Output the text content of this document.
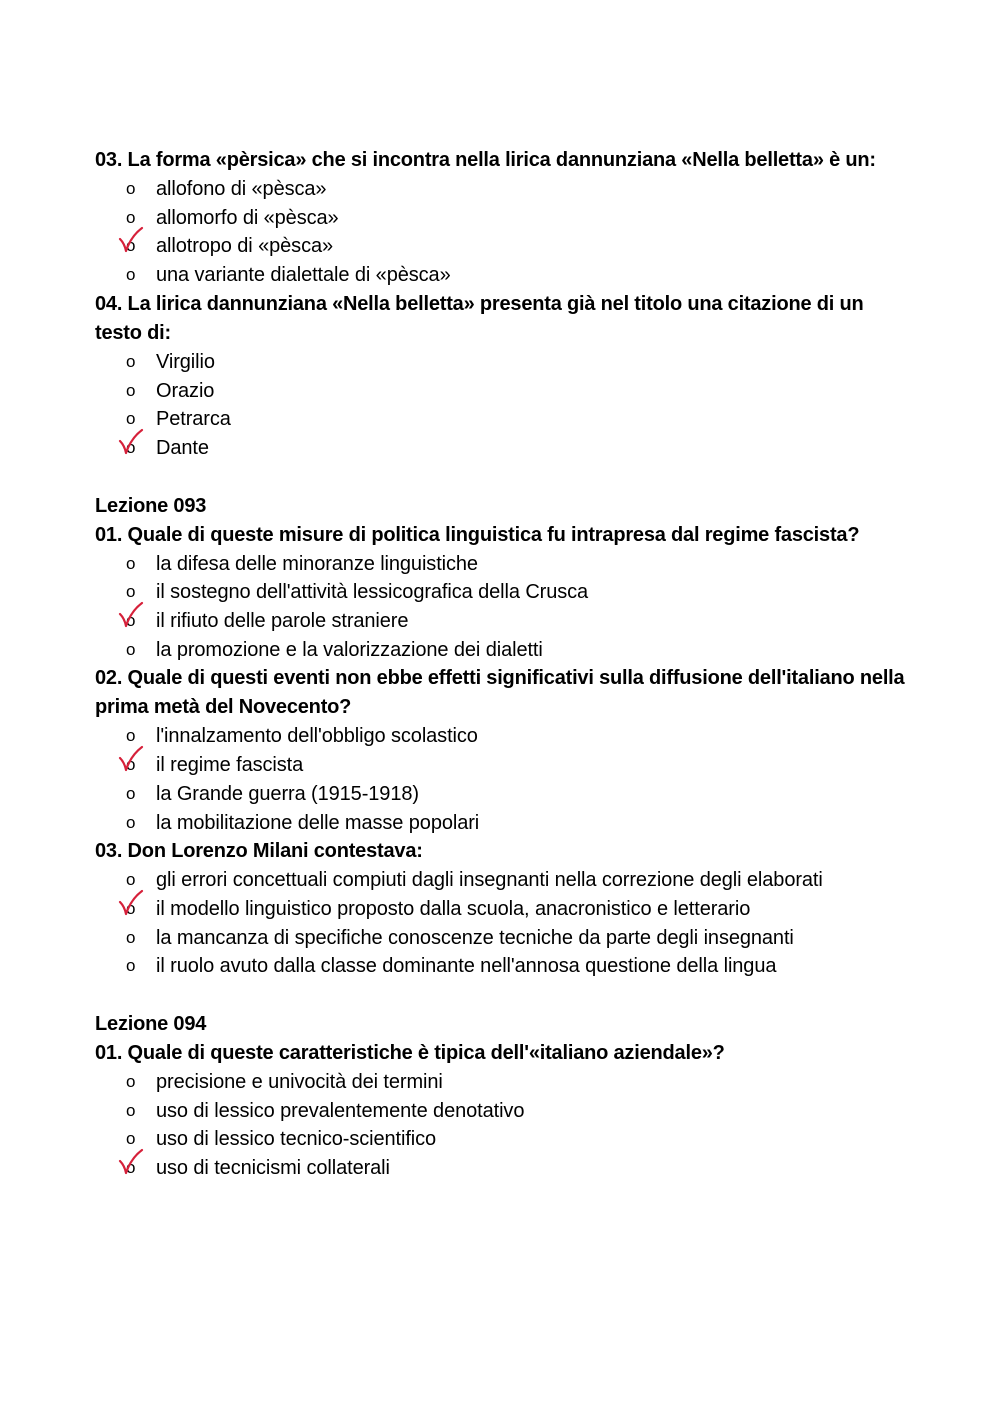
03. La forma «pèrsica» che si incontra nella lirica dannunziana «Nella belletta» è un:
o allofono di «pèsca»
o allomorfo di «pèsca»
o allotropo di «pèsca»
o una variante dialettale di «pèsca»
04. La lirica dannunziana «Nella belletta» presenta già nel titolo una citazione di un testo di:
o Virgilio
o Orazio
o Petrarca
o Dante
Lezione 093
01. Quale di queste misure di politica linguistica fu intrapresa dal regime fascista?
o la difesa delle minoranze linguistiche
o il sostegno dell'attività lessicografica della Crusca
o il rifiuto delle parole straniere
o la promozione e la valorizzazione dei dialetti
02. Quale di questi eventi non ebbe effetti significativi sulla diffusione dell'italiano nella prima metà del Novecento?
o l'innalzamento dell'obbligo scolastico
o il regime fascista
o la Grande guerra (1915-1918)
o la mobilitazione delle masse popolari
03. Don Lorenzo Milani contestava:
o gli errori concettuali compiuti dagli insegnanti nella correzione degli elaborati
o il modello linguistico proposto dalla scuola, anacronistico e letterario
o la mancanza di specifiche conoscenze tecniche da parte degli insegnanti
o il ruolo avuto dalla classe dominante nell'annosa questione della lingua
Lezione 094
01. Quale di queste caratteristiche è tipica dell'«italiano aziendale»?
o precisione e univocità dei termini
o uso di lessico prevalentemente denotativo
o uso di lessico tecnico-scientifico
o uso di tecnicismi collaterali
